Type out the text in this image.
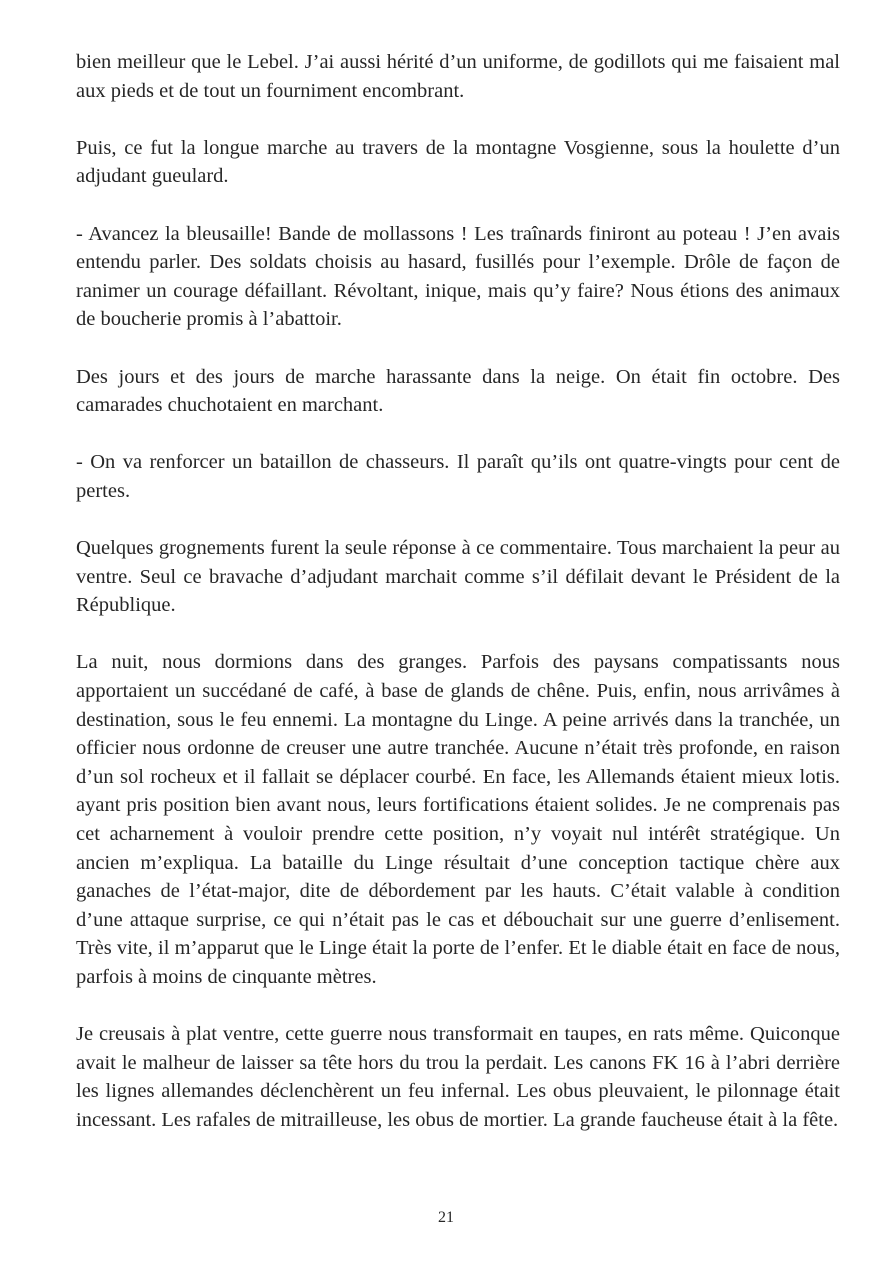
bien meilleur que le Lebel. J’ai aussi hérité d’un uniforme, de godillots qui me faisaient mal aux pieds et de tout un fourniment encombrant.

Puis, ce fut la longue marche au travers de la montagne Vosgienne, sous la houlette d’un adjudant gueulard.

- Avancez la bleusaille! Bande de mollassons ! Les traînards finiront au poteau ! J’en avais entendu parler. Des soldats choisis au hasard, fusillés pour l’exemple. Drôle de façon de ranimer un courage défaillant. Révoltant, inique, mais qu’y faire? Nous étions des animaux de boucherie promis à l’abattoir.

Des jours et des jours de marche harassante dans la neige. On était fin octobre. Des camarades chuchotaient en marchant.

- On va renforcer un bataillon de chasseurs. Il paraît qu’ils ont quatre-vingts pour cent de pertes.

Quelques grognements furent la seule réponse à ce commentaire. Tous marchaient la peur au ventre. Seul ce bravache d’adjudant marchait comme s’il défilait devant le Président de la République.

La nuit, nous dormions dans des granges. Parfois des paysans compatissants nous apportaient un succédané de café, à base de glands de chêne. Puis, enfin, nous arrivâmes à destination, sous le feu ennemi. La montagne du Linge. A peine arrivés dans la tranchée, un officier nous ordonne de creuser une autre tranchée. Aucune n’était très profonde, en raison d’un sol rocheux et il fallait se déplacer courbé. En face, les Allemands étaient mieux lotis. ayant pris position bien avant nous, leurs fortifications étaient solides. Je ne comprenais pas cet acharnement à vouloir prendre cette position, n’y voyait nul intérêt stratégique. Un ancien m’expliqua. La bataille du Linge résultait d’une conception tactique chère aux ganaches de l’état-major, dite de débordement par les hauts. C’était valable à condition d’une attaque surprise, ce qui n’était pas le cas et débouchait sur une guerre d’enlisement. Très vite, il m’apparut que le Linge était la porte de l’enfer. Et le diable était en face de nous, parfois à moins de cinquante mètres.

Je creusais à plat ventre, cette guerre nous transformait en taupes, en rats même. Quiconque avait le malheur de laisser sa tête hors du trou la perdait. Les canons FK 16 à l’abri derrière les lignes allemandes déclenchèrent un feu infernal. Les obus pleuvaient, le pilonnage était incessant. Les rafales de mitrailleuse, les obus de mortier. La grande faucheuse était à la fête.

21
